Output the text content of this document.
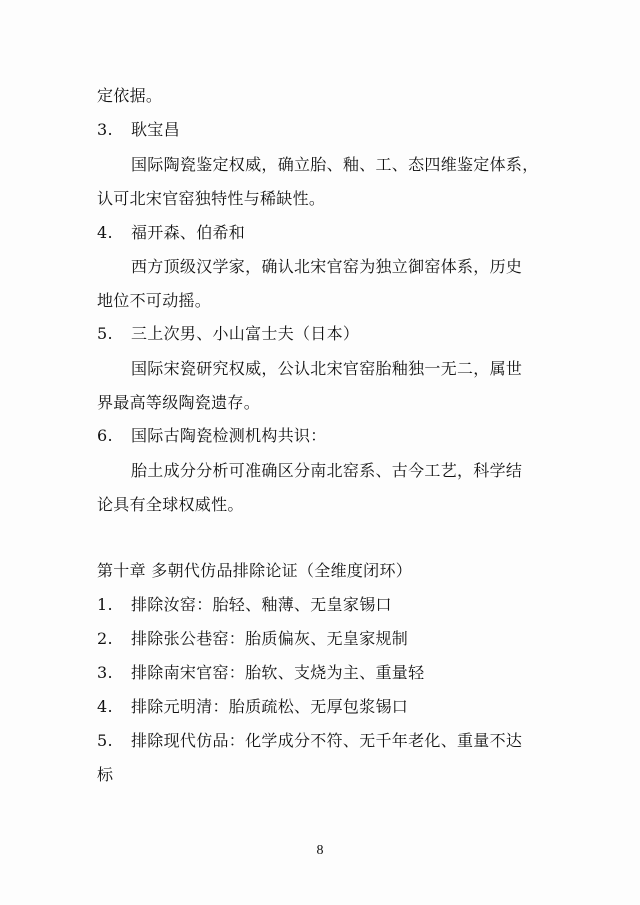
定依据。
3. 耿宝昌
国际陶瓷鉴定权威，确立胎、釉、工、态四维鉴定体系，
认可北宋官窑独特性与稀缺性。
4. 福开森、伯希和
西方顶级汉学家，确认北宋官窑为独立御窑体系，历史
地位不可动摇。
5. 三上次男、小山富士夫（日本）
国际宋瓷研究权威，公认北宋官窑胎釉独一无二，属世
界最高等级陶瓷遗存。
6. 国际古陶瓷检测机构共识：
胎土成分分析可准确区分南北窑系、古今工艺，科学结
论具有全球权威性。
第十章 多朝代仿品排除论证（全维度闭环）
1. 排除汝窑：胎轻、釉薄、无皇家锡口
2. 排除张公巷窑：胎质偏灰、无皇家规制
3. 排除南宋官窑：胎软、支烧为主、重量轻
4. 排除元明清：胎质疏松、无厚包浆锡口
5. 排除现代仿品：化学成分不符、无千年老化、重量不达
标
8
